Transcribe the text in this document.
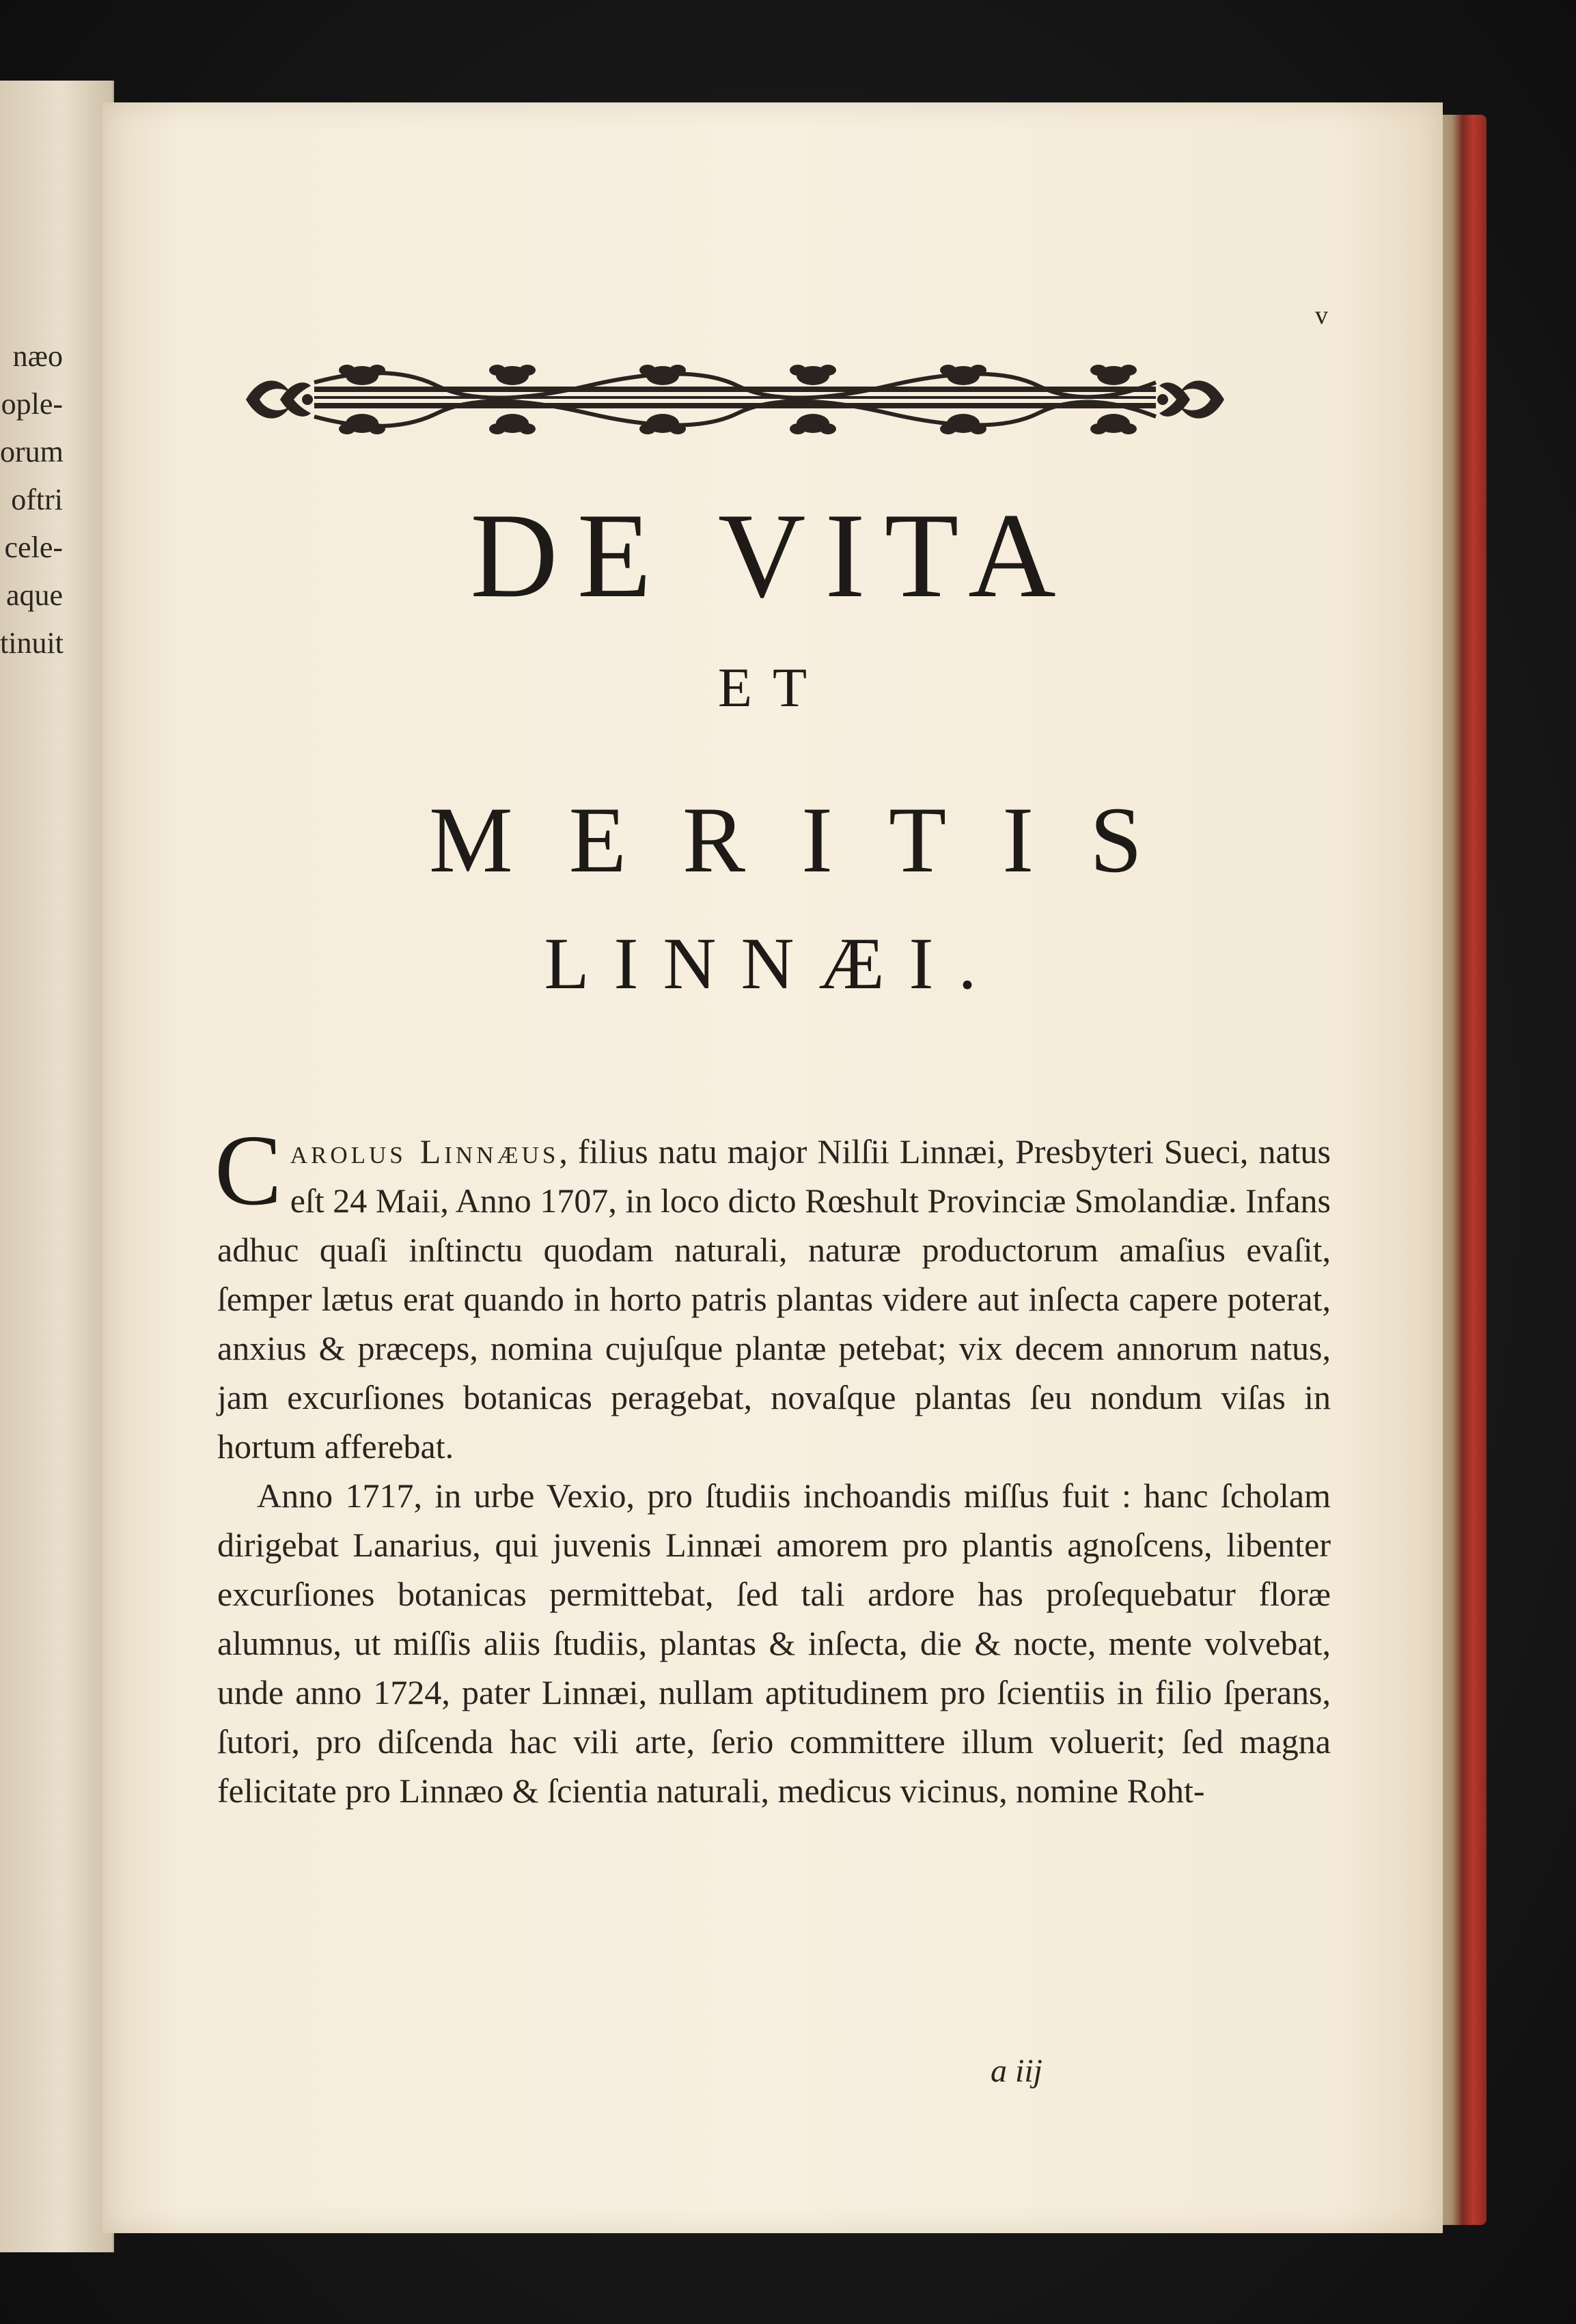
næo
ople-
orum
oftri
cele-
aque
tinuit
v
DE VITA
ET
MERITIS
LINNÆI.

Carolus Linnæus, filius natu major Nilſii Linnæi, Presbyteri Sueci, natus eſt 24 Maii, Anno 1707, in loco dicto Rœshult Provinciæ Smolandiæ. Infans adhuc quaſi inſtinctu quodam naturali, naturæ productorum amaſius evaſit, ſemper lætus erat quando in horto patris plantas videre aut inſecta capere poterat, anxius & præceps, nomina cujuſque plantæ petebat; vix decem annorum natus, jam excurſiones botanicas peragebat, novaſque plantas ſeu nondum viſas in hortum afferebat.

Anno 1717, in urbe Vexio, pro ſtudiis inchoandis miſſus fuit : hanc ſcholam dirigebat Lanarius, qui juvenis Linnæi amorem pro plantis agnoſcens, libenter excurſiones botanicas permittebat, ſed tali ardore has proſequebatur floræ alumnus, ut miſſis aliis ſtudiis, plantas & inſecta, die & nocte, mente volvebat, unde anno 1724, pater Linnæi, nullam aptitudinem pro ſcientiis in filio ſperans, ſutori, pro diſcenda hac vili arte, ſerio committere illum voluerit; ſed magna felicitate pro Linnæo & ſcientia naturali, medicus vicinus, nomine Roht-

a iij
